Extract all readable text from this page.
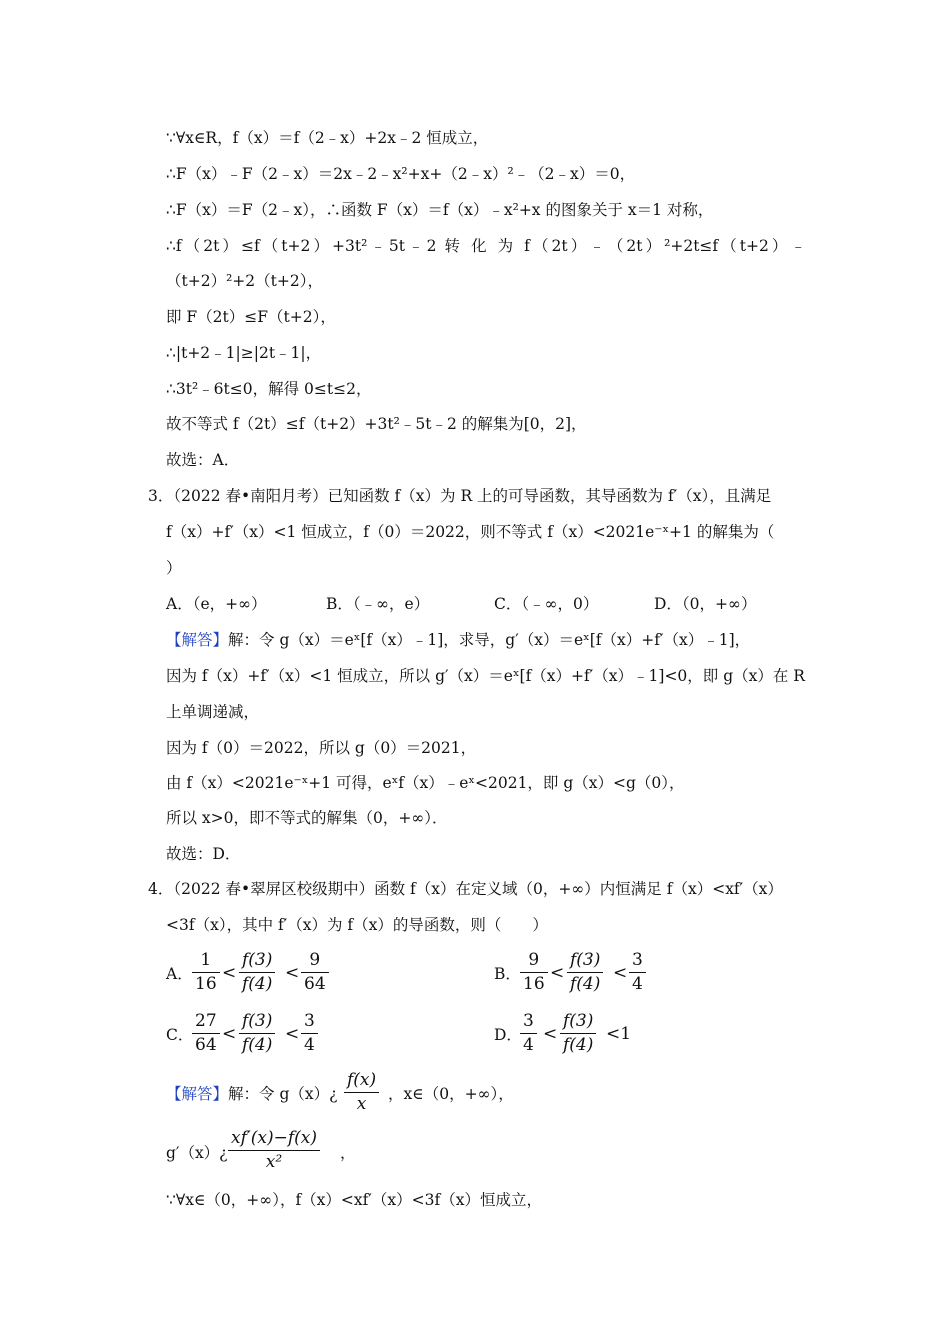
∵∀x∈R，f（x）＝f（2﹣x）+2x﹣2 恒成立，
∴F（x）﹣F（2﹣x）＝2x﹣2﹣x²+x+（2﹣x）²﹣（2﹣x）＝0，
∴F（x）＝F（2﹣x），∴函数 F（x）＝f（x）﹣x²+x 的图象关于 x＝1 对称，
∴f（2t）≤f（t+2）+3t²﹣5t﹣2 转 化 为 f（2t）﹣（2t）²+2t≤f（t+2）﹣
（t+2）²+2（t+2），
即 F（2t）≤F（t+2），
∴|t+2﹣1|≥|2t﹣1|，
∴3t²﹣6t≤0，解得 0≤t≤2，
故不等式 f（2t）≤f（t+2）+3t²﹣5t﹣2 的解集为[0，2]，
故选：A．
3．（2022 春•南阳月考）已知函数 f（x）为 R 上的可导函数，其导函数为 f′（x），且满足
f（x）+f′（x）<1 恒成立，f（0）＝2022，则不等式 f（x）<2021e⁻ˣ+1 的解集为（
）
A．（e，+∞）	B．（﹣∞，e）	C．（﹣∞，0）	D．（0，+∞）
【解答】解：令 g（x）＝eˣ[f（x）﹣1]，求导，g′（x）＝eˣ[f（x）+f′（x）﹣1]，
因为 f（x）+f′（x）<1 恒成立，所以 g′（x）＝eˣ[f（x）+f′（x）﹣1]<0，即 g（x）在 R
上单调递减，
因为 f（0）＝2022，所以 g（0）＝2021，
由 f（x）<2021e⁻ˣ+1 可得，eˣf（x）﹣eˣ<2021，即 g（x）<g（0），
所以 x>0，即不等式的解集（0，+∞）．
故选：D．
4．（2022 春•翠屏区校级期中）函数 f（x）在定义域（0，+∞）内恒满足 f（x）<xf′（x）
<3f（x），其中 f′（x）为 f（x）的导函数，则（　　）
A． $\frac{1}{16} < \frac{f(3)}{f(4)} < \frac{9}{64}$	B． $\frac{9}{16} < \frac{f(3)}{f(4)} < \frac{3}{4}$
C．
$\frac{27}{64} < \frac{f(3)}{f(4)} < \frac{3}{4}$	D．
$\frac{3}{4} < \frac{f(3)}{f(4)} <1$
【解答】解：令 g（x）¿ $\frac{f(x)}{x}$ ，x∈（0，+∞），
g′（x）¿ $\frac{xf'(x)-f(x)}{\text{x²}}$ ，
∵∀x∈（0，+∞），f（x）<xf′（x）<3f（x）恒成立，
